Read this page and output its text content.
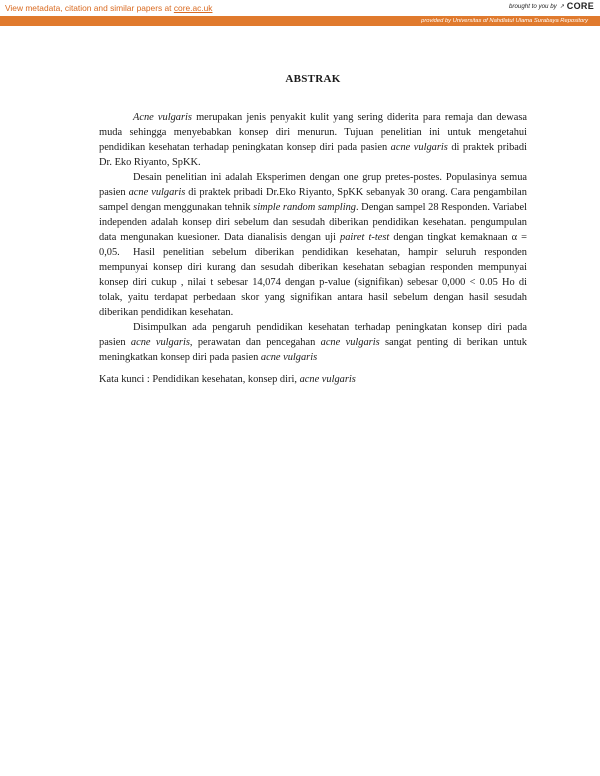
View metadata, citation and similar papers at core.ac.uk	brought to you by ↗ CORE
provided by Universitas of Nahdlatul Ulama Surabaya Repository
ABSTRAK

Acne vulgaris merupakan jenis penyakit kulit yang sering diderita para remaja dan dewasa muda sehingga menyebabkan konsep diri menurun. Tujuan penelitian ini untuk mengetahui pendidikan kesehatan terhadap peningkatan konsep diri pada pasien acne vulgaris di praktek pribadi Dr. Eko Riyanto, SpKK.

Desain penelitian ini adalah Eksperimen dengan one grup pretes-postes. Populasinya semua pasien acne vulgaris di praktek pribadi Dr.Eko Riyanto, SpKK sebanyak 30 orang. Cara pengambilan sampel dengan menggunakan tehnik simple random sampling. Dengan sampel 28 Responden. Variabel independen adalah konsep diri sebelum dan sesudah diberikan pendidikan kesehatan. pengumpulan data mengunakan kuesioner. Data dianalisis dengan uji pairet t-test dengan tingkat kemaknaan α = 0,05.	Hasil penelitian sebelum diberikan pendidikan kesehatan, hampir seluruh responden mempunyai konsep diri kurang dan sesudah diberikan kesehatan sebagian responden mempunyai konsep diri cukup , nilai t sebesar 14,074 dengan p-value (signifikan) sebesar 0,000 < 0.05 Ho di tolak, yaitu terdapat perbedaan skor yang signifikan antara hasil sebelum dengan hasil sesudah diberikan pendidikan kesehatan.

Disimpulkan ada pengaruh pendidikan kesehatan terhadap peningkatan konsep diri pada pasien acne vulgaris, perawatan dan pencegahan acne vulgaris sangat penting di berikan untuk meningkatkan konsep diri pada pasien acne vulgaris

Kata kunci : Pendidikan kesehatan, konsep diri, acne vulgaris
